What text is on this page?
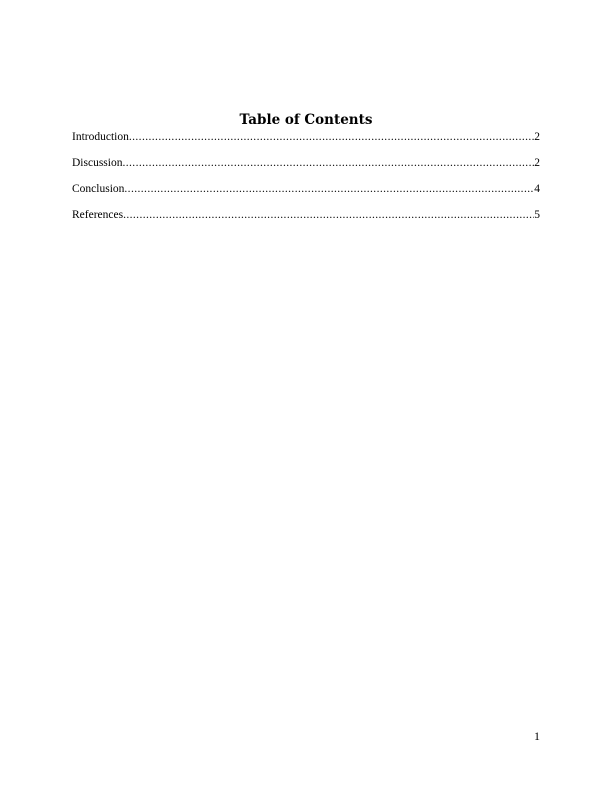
Table of Contents
Introduction .....	2
Discussion .....	2
Conclusion .....	4
References .....	5
1
